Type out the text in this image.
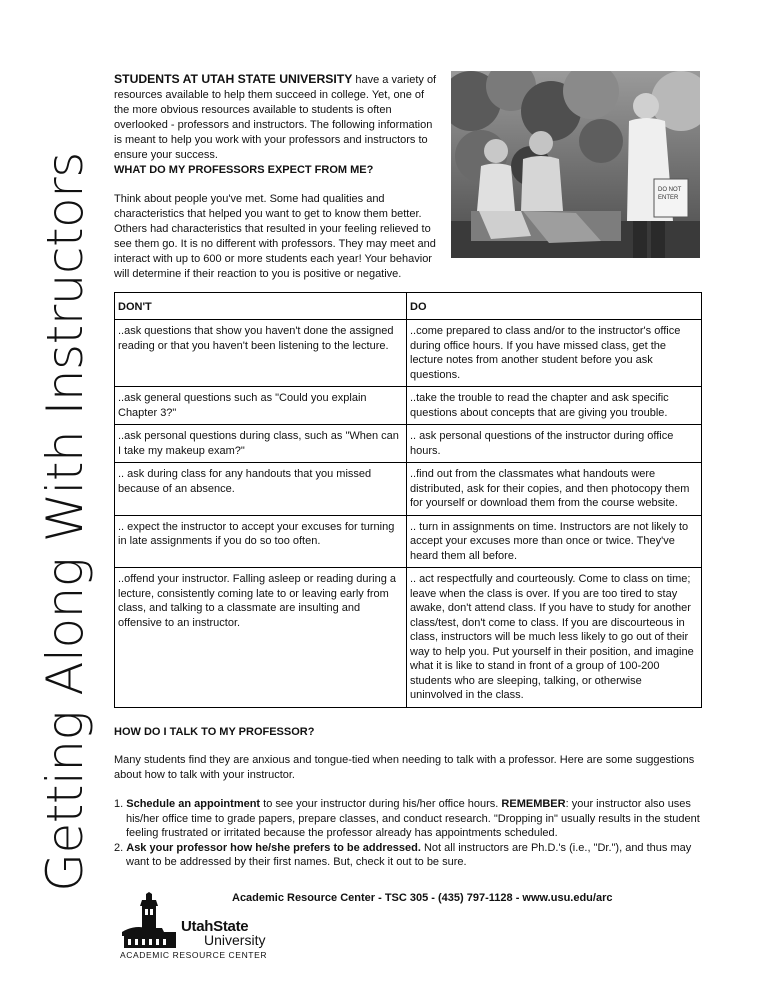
Getting Along With Instructors
STUDENTS AT UTAH STATE UNIVERSITY have a variety of resources available to help them succeed in college. Yet, one of the more obvious resources available to students is often overlooked - professors and instructors. The following information is meant to help you work with your professors and instructors to ensure your success.
WHAT DO MY PROFESSORS EXPECT FROM ME?
Think about people you've met. Some had qualities and characteristics that helped you want to get to know them better. Others had characteristics that resulted in your feeling relieved to see them go. It is no different with professors. They may meet and interact with up to 600 or more students each year! Your behavior will determine if their reaction to you is positive or negative.
DO NOT ENTER
DON'T	DO
..ask questions that show you haven't done the assigned reading or that you haven't been listening to the lecture.	..come prepared to class and/or to the instructor's office during office hours. If you have missed class, get the lecture notes from another student before you ask questions.
..ask general questions such as "Could you explain Chapter 3?"	..take the trouble to read the chapter and ask specific questions about concepts that are giving you trouble.
..ask personal questions during class, such as "When can I take my makeup exam?"	.. ask personal questions of the instructor during office hours.
.. ask during class for any handouts that you missed because of an absence.	..find out from the classmates what handouts were distributed, ask for their copies, and then photocopy them for yourself or download them from the course website.
.. expect the instructor to accept your excuses for turning in late assignments if you do so too often.	.. turn in assignments on time. Instructors are not likely to accept your excuses more than once or twice. They've heard them all before.
..offend your instructor. Falling asleep or reading during a lecture, consistently coming late to or leaving early from class, and talking to a classmate are insulting and offensive to an instructor.	.. act respectfully and courteously. Come to class on time; leave when the class is over. If you are too tired to stay awake, don't attend class. If you have to study for another class/test, don't come to class. If you are discourteous in class, instructors will be much less likely to go out of their way to help you. Put yourself in their position, and imagine what it is like to stand in front of a group of 100-200 students who are sleeping, talking, or otherwise uninvolved in the class.
HOW DO I TALK TO MY PROFESSOR?
Many students find they are anxious and tongue-tied when needing to talk with a professor. Here are some suggestions about how to talk with your instructor.
1. Schedule an appointment to see your instructor during his/her office hours. REMEMBER: your instructor also uses his/her office time to grade papers, prepare classes, and conduct research. "Dropping in" usually results in the student feeling frustrated or irritated because the professor already has appointments scheduled.
2. Ask your professor how he/she prefers to be addressed. Not all instructors are Ph.D.'s (i.e., "Dr."), and thus may want to be addressed by their first names. But, check it out to be sure.
Academic Resource Center - TSC 305 - (435) 797-1128 - www.usu.edu/arc
UtahState
University
ACADEMIC RESOURCE CENTER
